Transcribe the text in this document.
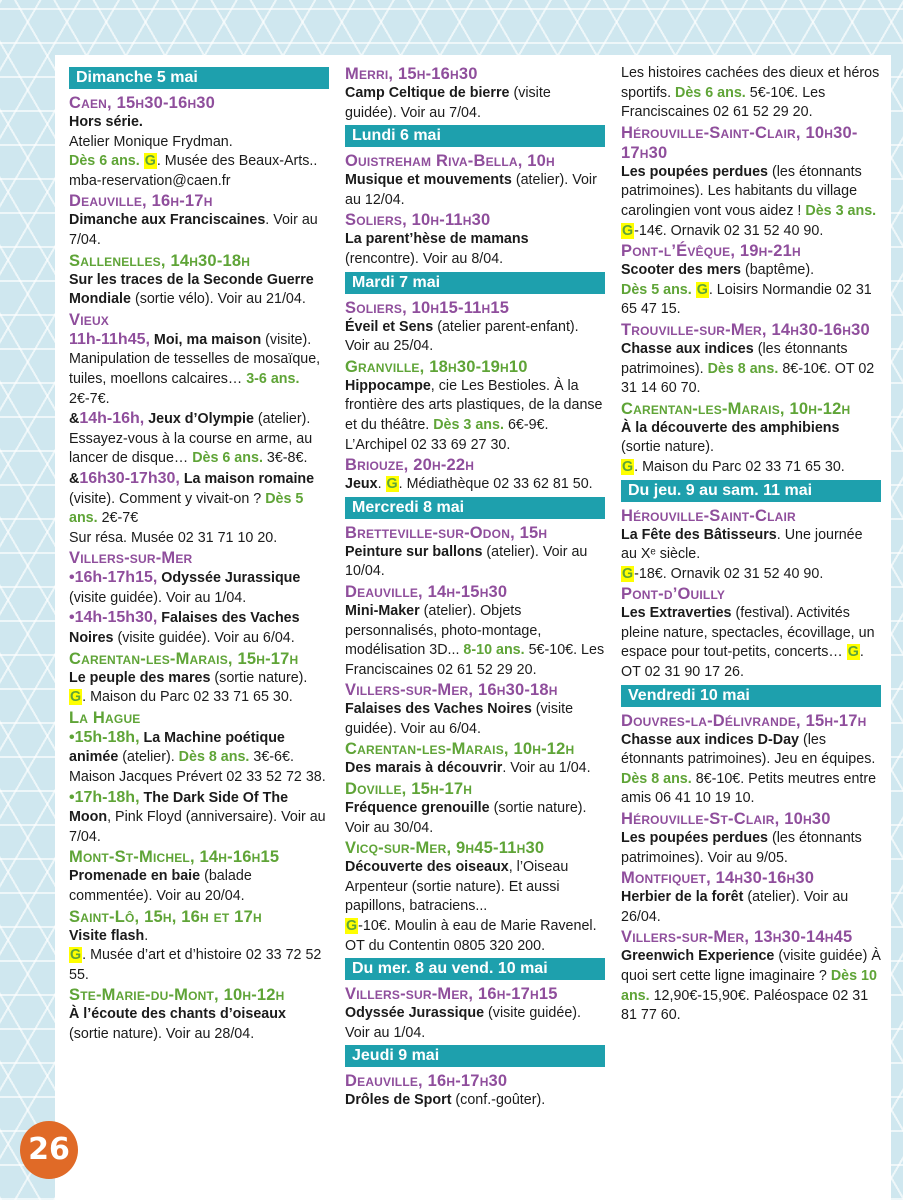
Dimanche 5 mai
Caen, 15h30-16h30
Hors série.
Atelier Monique Frydman.
Dès 6 ans. G. Musée des Beaux-Arts.. mba-reservation@caen.fr
Deauville, 16h-17h
Dimanche aux Franciscaines. Voir au 7/04.
Sallenelles, 14h30-18h
Sur les traces de la Seconde Guerre Mondiale (sortie vélo). Voir au 21/04.
Vieux
11h-11h45, Moi, ma maison (visite). Manipulation de tesselles de mosaïque, tuiles, moellons calcaires… 3-6 ans. 2€-7€.
&14h-16h, Jeux d’Olympie (atelier). Essayez-vous à la course en arme, au lancer de disque… Dès 6 ans. 3€-8€.
&16h30-17h30, La maison romaine (visite). Comment y vivait-on ? Dès 5 ans. 2€-7€
Sur résa. Musée 02 31 71 10 20.
Villers-sur-Mer
•16h-17h15, Odyssée Jurassique (visite guidée). Voir au 1/04.
•14h-15h30, Falaises des Vaches Noires (visite guidée). Voir au 6/04.
Carentan-les-Marais, 15h-17h
Le peuple des mares (sortie nature).
G. Maison du Parc 02 33 71 65 30.
La Hague
•15h-18h, La Machine poétique animée (atelier). Dès 8 ans. 3€-6€. Maison Jacques Prévert 02 33 52 72 38.
•17h-18h, The Dark Side Of The Moon, Pink Floyd (anniversaire). Voir au 7/04.
Mont-St-Michel, 14h-16h15
Promenade en baie (balade commentée). Voir au 20/04.
Saint-Lô, 15h, 16h et 17h
Visite flash.
G. Musée d’art et d’histoire 02 33 72 52 55.
Ste-Marie-du-Mont, 10h-12h
À l’écoute des chants d’oiseaux (sortie nature). Voir au 28/04.
Merri, 15h-16h30
Camp Celtique de bierre (visite guidée). Voir au 7/04.
Lundi 6 mai
Ouistreham Riva-Bella, 10h
Musique et mouvements (atelier). Voir au 12/04.
Soliers, 10h-11h30
La parent’hèse de mamans (rencontre). Voir au 8/04.
Mardi 7 mai
Soliers, 10h15-11h15
Éveil et Sens (atelier parent-enfant). Voir au 25/04.
Granville, 18h30-19h10
Hippocampe, cie Les Bestioles. À la frontière des arts plastiques, de la danse et du théâtre. Dès 3 ans. 6€-9€. L’Archipel 02 33 69 27 30.
Briouze, 20h-22h
Jeux. G. Médiathèque 02 33 62 81 50.
Mercredi 8 mai
Bretteville-sur-Odon, 15h
Peinture sur ballons (atelier). Voir au 10/04.
Deauville, 14h-15h30
Mini-Maker (atelier). Objets personnalisés, photo-montage, modélisation 3D... 8-10 ans. 5€-10€. Les Franciscaines 02 61 52 29 20.
Villers-sur-Mer, 16h30-18h
Falaises des Vaches Noires (visite guidée). Voir au 6/04.
Carentan-les-Marais, 10h-12h
Des marais à découvrir. Voir au 1/04.
Doville, 15h-17h
Fréquence grenouille (sortie nature). Voir au 30/04.
Vicq-sur-Mer, 9h45-11h30
Découverte des oiseaux, l’Oiseau Arpenteur (sortie nature). Et aussi papillons, batraciens...
G-10€. Moulin à eau de Marie Ravenel. OT du Contentin 0805 320 200.
Du mer. 8 au vend. 10 mai
Villers-sur-Mer, 16h-17h15
Odyssée Jurassique (visite guidée). Voir au 1/04.
Jeudi 9 mai
Deauville, 16h-17h30
Drôles de Sport (conf.-goûter).
Les histoires cachées des dieux et héros sportifs. Dès 6 ans. 5€-10€. Les Franciscaines 02 61 52 29 20.
Hérouville-Saint-Clair, 10h30-17h30
Les poupées perdues (les étonnants patrimoines). Les habitants du village carolingien vont vous aidez ! Dès 3 ans. G-14€. Ornavik 02 31 52 40 90.
Pont-l’Évêque, 19h-21h
Scooter des mers (baptême).
Dès 5 ans. G. Loisirs Normandie 02 31 65 47 15.
Trouville-sur-Mer, 14h30-16h30
Chasse aux indices (les étonnants patrimoines). Dès 8 ans. 8€-10€. OT 02 31 14 60 70.
Carentan-les-Marais, 10h-12h
À la découverte des amphibiens (sortie nature).
G. Maison du Parc 02 33 71 65 30.
Du jeu. 9 au sam. 11 mai
Hérouville-Saint-Clair
La Fête des Bâtisseurs. Une journée au Xᵉ siècle.
G-18€. Ornavik 02 31 52 40 90.
Pont-d’Ouilly
Les Extraverties (festival). Activités pleine nature, spectacles, écovillage, un espace pour tout-petits, concerts… G. OT 02 31 90 17 26.
Vendredi 10 mai
Douvres-la-Délivrande, 15h-17h
Chasse aux indices D-Day (les étonnants patrimoines). Jeu en équipes. Dès 8 ans. 8€-10€. Petits meutres entre amis 06 41 10 19 10.
Hérouville-St-Clair, 10h30
Les poupées perdues (les étonnants patrimoines). Voir au 9/05.
Montfiquet, 14h30-16h30
Herbier de la forêt (atelier). Voir au 26/04.
Villers-sur-Mer, 13h30-14h45
Greenwich Experience (visite guidée) À quoi sert cette ligne imaginaire ? Dès 10 ans. 12,90€-15,90€. Paléospace 02 31 81 77 60.
26
